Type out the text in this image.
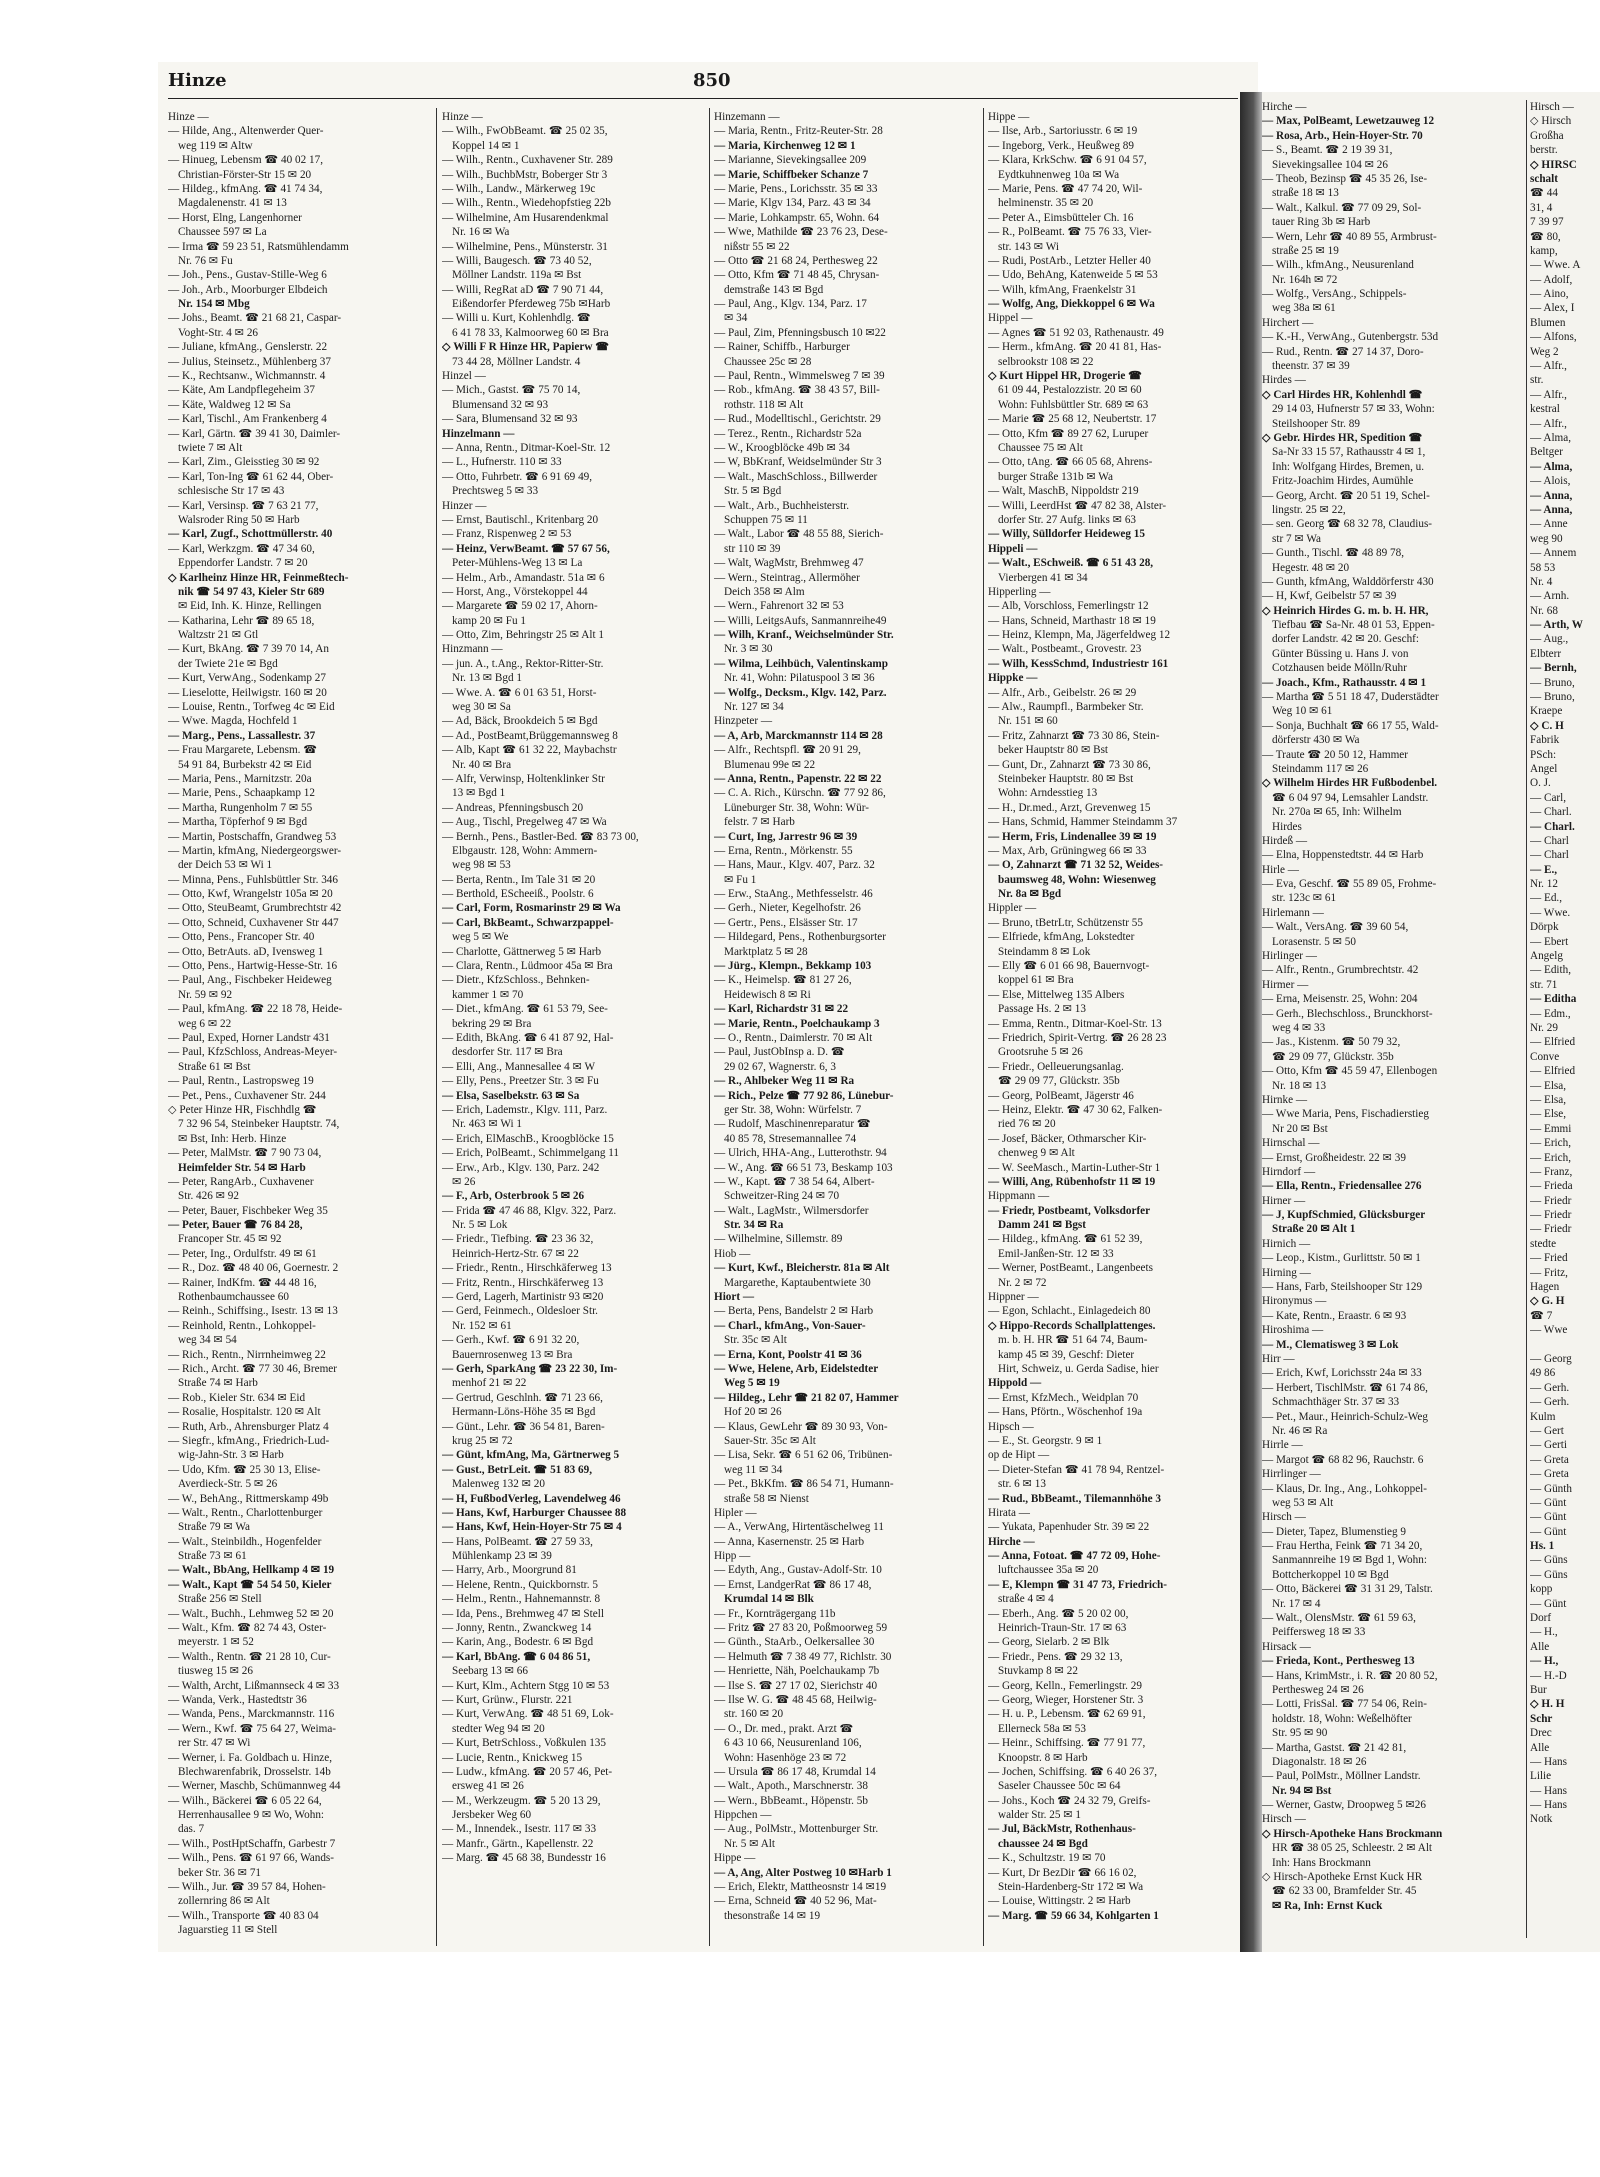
Hinze	850
Hinze —
— Hilde, Ang., Altenwerder Quer-
weg 119 ✉ Altw
— Hinueg, Lebensm ☎ 40 02 17,
Christian-Förster-Str 15 ✉ 20
— Hildeg., kfmAng. ☎ 41 74 34,
Magdalenenstr. 41 ✉ 13
— Horst, Elng, Langenhorner
Chaussee 597 ✉ La
— Irma ☎ 59 23 51, Ratsmühlendamm
Nr. 76 ✉ Fu
— Joh., Pens., Gustav-Stille-Weg 6
— Joh., Arb., Moorburger Elbdeich
Nr. 154 ✉ Mbg
— Johs., Beamt. ☎ 21 68 21, Caspar-
Voght-Str. 4 ✉ 26
— Juliane, kfmAng., Genslerstr. 22
— Julius, Steinsetz., Mühlenberg 37
— K., Rechtsanw., Wichmannstr. 4
— Käte, Am Landpflegeheim 37
— Käte, Waldweg 12 ✉ Sa
— Karl, Tischl., Am Frankenberg 4
— Karl, Gärtn. ☎ 39 41 30, Daimler-
twiete 7 ✉ Alt
— Karl, Zim., Gleisstieg 30 ✉ 92
— Karl, Ton-Ing ☎ 61 62 44, Ober-
schlesische Str 17 ✉ 43
— Karl, Versinsp. ☎ 7 63 21 77,
Walsroder Ring 50 ✉ Harb
— Karl, Zugf., Schottmüllerstr. 40
— Karl, Werkzgm. ☎ 47 34 60,
Eppendorfer Landstr. 7 ✉ 20
◇ Karlheinz Hinze HR, Feinmeßtech-
nik ☎ 54 97 43, Kieler Str 689
✉ Eid, Inh. K. Hinze, Rellingen
— Katharina, Lehr ☎ 89 65 18,
Waltzstr 21 ✉ Gtl
— Kurt, BkAng. ☎ 7 39 70 14, An
der Twiete 21e ✉ Bgd
— Kurt, VerwAng., Sodenkamp 27
— Lieselotte, Heilwigstr. 160 ✉ 20
— Louise, Rentn., Torfweg 4c ✉ Eid
— Wwe. Magda, Hochfeld 1
— Marg., Pens., Lassallestr. 37
— Frau Margarete, Lebensm. ☎
54 91 84, Burbekstr 42 ✉ Eid
— Maria, Pens., Marnitzstr. 20a
— Marie, Pens., Schaapkamp 12
— Martha, Rungenholm 7 ✉ 55
— Martha, Töpferhof 9 ✉ Bgd
— Martin, Postschaffn, Grandweg 53
— Martin, kfmAng, Niedergeorgswer-
der Deich 53 ✉ Wi 1
— Minna, Pens., Fuhlsbüttler Str. 346
— Otto, Kwf, Wrangelstr 105a ✉ 20
— Otto, SteuBeamt, Grumbrechtstr 42
— Otto, Schneid, Cuxhavener Str 447
— Otto, Pens., Francoper Str. 40
— Otto, BetrAuts. aD, Ivensweg 1
— Otto, Pens., Hartwig-Hesse-Str. 16
— Paul, Ang., Fischbeker Heideweg
Nr. 59 ✉ 92
— Paul, kfmAng. ☎ 22 18 78, Heide-
weg 6 ✉ 22
— Paul, Exped, Horner Landstr 431
— Paul, KfzSchloss, Andreas-Meyer-
Straße 61 ✉ Bst
— Paul, Rentn., Lastropsweg 19
— Pet., Pens., Cuxhavener Str. 244
◇ Peter Hinze HR, Fischhdlg ☎
7 32 96 54, Steinbeker Hauptstr. 74,
✉ Bst, Inh: Herb. Hinze
— Peter, MalMstr. ☎ 7 90 73 04,
Heimfelder Str. 54 ✉ Harb
— Peter, RangArb., Cuxhavener
Str. 426 ✉ 92
— Peter, Bauer, Fischbeker Weg 35
— Peter, Bauer ☎ 76 84 28,
Francoper Str. 45 ✉ 92
— Peter, Ing., Ordulfstr. 49 ✉ 61
— R., Doz. ☎ 48 40 06, Goernestr. 2
— Rainer, IndKfm. ☎ 44 48 16,
Rothenbaumchaussee 60
— Reinh., Schiffsing., Isestr. 13 ✉ 13
— Reinhold, Rentn., Lohkoppel-
weg 34 ✉ 54
— Rich., Rentn., Nirrnheimweg 22
— Rich., Archt. ☎ 77 30 46, Bremer
Straße 74 ✉ Harb
— Rob., Kieler Str. 634 ✉ Eid
— Rosalie, Hospitalstr. 120 ✉ Alt
— Ruth, Arb., Ahrensburger Platz 4
— Siegfr., kfmAng., Friedrich-Lud-
wig-Jahn-Str. 3 ✉ Harb
— Udo, Kfm. ☎ 25 30 13, Elise-
Averdieck-Str. 5 ✉ 26
— W., BehAng., Rittmerskamp 49b
— Walt., Rentn., Charlottenburger
Straße 79 ✉ Wa
— Walt., Steinbildh., Hogenfelder
Straße 73 ✉ 61
— Walt., BbAng, Hellkamp 4 ✉ 19
— Walt., Kapt ☎ 54 54 50, Kieler
Straße 256 ✉ Stell
— Walt., Buchh., Lehmweg 52 ✉ 20
— Walt., Kfm. ☎ 82 74 43, Oster-
meyerstr. 1 ✉ 52
— Walth., Rentn. ☎ 21 28 10, Cur-
tiusweg 15 ✉ 26
— Walth, Archt, Lißmannseck 4 ✉ 33
— Wanda, Verk., Hastedtstr 36
— Wanda, Pens., Marckmannstr. 116
— Wern., Kwf. ☎ 75 64 27, Weima-
rer Str. 47 ✉ Wi
— Werner, i. Fa. Goldbach u. Hinze,
Blechwarenfabrik, Drosselstr. 14b
— Werner, Maschb, Schümannweg 44
— Wilh., Bäckerei ☎ 6 05 22 64,
Herrenhausallee 9 ✉ Wo, Wohn:
das. 7
— Wilh., PostHptSchaffn, Garbestr 7
— Wilh., Pens. ☎ 61 97 66, Wands-
beker Str. 36 ✉ 71
— Wilh., Jur. ☎ 39 57 84, Hohen-
zollernring 86 ✉ Alt
— Wilh., Transporte ☎ 40 83 04
Jaguarstieg 11 ✉ Stell
Hinze —
— Wilh., FwObBeamt. ☎ 25 02 35,
Koppel 14 ✉ 1
— Wilh., Rentn., Cuxhavener Str. 289
— Wilh., BuchbMstr, Boberger Str 3
— Wilh., Landw., Märkerweg 19c
— Wilh., Rentn., Wiedehopfstieg 22b
— Wilhelmine, Am Husarendenkmal
Nr. 16 ✉ Wa
— Wilhelmine, Pens., Münsterstr. 31
— Willi, Baugesch. ☎ 73 40 52,
Möllner Landstr. 119a ✉ Bst
— Willi, RegRat aD ☎ 7 90 71 44,
Eißendorfer Pferdeweg 75b ✉Harb
— Willi u. Kurt, Kohlenhdlg. ☎
6 41 78 33, Kalmoorweg 60 ✉ Bra
◇ Willi F R Hinze HR, Papierw ☎
73 44 28, Möllner Landstr. 4
Hinzel —
— Mich., Gastst. ☎ 75 70 14,
Blumensand 32 ✉ 93
— Sara, Blumensand 32 ✉ 93
Hinzelmann —
— Anna, Rentn., Ditmar-Koel-Str. 12
— L., Hufnerstr. 110 ✉ 33
— Otto, Fuhrbetr. ☎ 6 91 69 49,
Prechtsweg 5 ✉ 33
Hinzer —
— Ernst, Bautischl., Kritenbarg 20
— Franz, Rispenweg 2 ✉ 53
— Heinz, VerwBeamt. ☎ 57 67 56,
Peter-Mühlens-Weg 13 ✉ La
— Helm., Arb., Amandastr. 51a ✉ 6
— Horst, Ang., Vörstekoppel 44
— Margarete ☎ 59 02 17, Ahorn-
kamp 20 ✉ Fu 1
— Otto, Zim, Behringstr 25 ✉ Alt 1
Hinzmann —
— jun. A., t.Ang., Rektor-Ritter-Str.
Nr. 13 ✉ Bgd 1
— Wwe. A. ☎ 6 01 63 51, Horst-
weg 30 ✉ Sa
— Ad, Bäck, Brookdeich 5 ✉ Bgd
— Ad., PostBeamt,Brüggemannsweg 8
— Alb, Kapt ☎ 61 32 22, Maybachstr
Nr. 40 ✉ Bra
— Alfr, Verwinsp, Holtenklinker Str
13 ✉ Bgd 1
— Andreas, Pfenningsbusch 20
— Aug., Tischl, Pregelweg 47 ✉ Wa
— Bernh., Pens., Bastler-Bed. ☎ 83 73 00,
Elbgaustr. 128, Wohn: Ammern-
weg 98 ✉ 53
— Berta, Rentn., Im Tale 31 ✉ 20
— Berthold, EScheeiß., Poolstr. 6
— Carl, Form, Rosmarinstr 29 ✉ Wa
— Carl, BkBeamt., Schwarzpappel-
weg 5 ✉ We
— Charlotte, Gättnerweg 5 ✉ Harb
— Clara, Rentn., Lüdmoor 45a ✉ Bra
— Dietr., KfzSchloss., Behnken-
kammer 1 ✉ 70
— Diet., kfmAng. ☎ 61 53 79, See-
bekring 29 ✉ Bra
— Edith, BkAng. ☎ 6 41 87 92, Hal-
desdorfer Str. 117 ✉ Bra
— Elli, Ang., Mannesallee 4 ✉ W
— Elly, Pens., Preetzer Str. 3 ✉ Fu
— Elsa, Saselbekstr. 63 ✉ Sa
— Erich, Lademstr., Klgv. 111, Parz.
Nr. 463 ✉ Wi 1
— Erich, ElMaschB., Kroogblöcke 15
— Erich, PolBeamt., Schimmelgang 11
— Erw., Arb., Klgv. 130, Parz. 242
✉ 26
— F., Arb, Osterbrook 5 ✉ 26
— Frida ☎ 47 46 88, Klgv. 322, Parz.
Nr. 5 ✉ Lok
— Friedr., Tiefbing. ☎ 23 36 32,
Heinrich-Hertz-Str. 67 ✉ 22
— Friedr., Rentn., Hirschkäferweg 13
— Fritz, Rentn., Hirschkäferweg 13
— Gerd, Lagerh, Martinistr 93 ✉20
— Gerd, Feinmech., Oldesloer Str.
Nr. 152 ✉ 61
— Gerh., Kwf. ☎ 6 91 32 20,
Bauernrosenweg 13 ✉ Bra
— Gerh, SparkAng ☎ 23 22 30, Im-
menhof 21 ✉ 22
— Gertrud, Geschlnh. ☎ 71 23 66,
Hermann-Löns-Höhe 35 ✉ Bgd
— Günt., Lehr. ☎ 36 54 81, Baren-
krug 25 ✉ 72
— Günt, kfmAng, Ma, Gärtnerweg 5
— Gust., BetrLeit. ☎ 51 83 69,
Malenweg 132 ✉ 20
— H, FußbodVerleg, Lavendelweg 46
— Hans, Kwf, Harburger Chaussee 88
— Hans, Kwf, Hein-Hoyer-Str 75 ✉ 4
— Hans, PolBeamt. ☎ 27 59 33,
Mühlenkamp 23 ✉ 39
— Harry, Arb., Moorgrund 81
— Helene, Rentn., Quickbornstr. 5
— Helm., Rentn., Hahnemannstr. 8
— Ida, Pens., Brehmweg 47 ✉ Stell
— Jonny, Rentn., Zwanckweg 14
— Karin, Ang., Bodestr. 6 ✉ Bgd
— Karl, BbAng. ☎ 6 04 86 51,
Seebarg 13 ✉ 66
— Kurt, Klm., Achtern Stgg 10 ✉ 53
— Kurt, Grünw., Flurstr. 221
— Kurt, VerwAng. ☎ 48 51 69, Lok-
stedter Weg 94 ✉ 20
— Kurt, BetrSchloss., Voßkulen 135
— Lucie, Rentn., Knickweg 15
— Ludw., kfmAng. ☎ 20 57 46, Pet-
ersweg 41 ✉ 26
— M., Werkzeugm. ☎ 5 20 13 29,
Jersbeker Weg 60
— M., Innendek., Isestr. 117 ✉ 33
— Manfr., Gärtn., Kapellenstr. 22
— Marg. ☎ 45 68 38, Bundesstr 16
Hinzemann —
— Maria, Rentn., Fritz-Reuter-Str. 28
— Maria, Kirchenweg 12 ✉ 1
— Marianne, Sievekingsallee 209
— Marie, Schiffbeker Schanze 7
— Marie, Pens., Lorichsstr. 35 ✉ 33
— Marie, Klgv 134, Parz. 43 ✉ 34
— Marie, Lohkampstr. 65, Wohn. 64
— Wwe, Mathilde ☎ 23 76 23, Dese-
nißstr 55 ✉ 22
— Otto ☎ 21 68 24, Perthesweg 22
— Otto, Kfm ☎ 71 48 45, Chrysan-
demstraße 143 ✉ Bgd
— Paul, Ang., Klgv. 134, Parz. 17
✉ 34
— Paul, Zim, Pfenningsbusch 10 ✉22
— Rainer, Schiffb., Harburger
Chaussee 25c ✉ 28
— Paul, Rentn., Wimmelsweg 7 ✉ 39
— Rob., kfmAng. ☎ 38 43 57, Bill-
rothstr. 118 ✉ Alt
— Rud., Modelltischl., Gerichtstr. 29
— Terez., Rentn., Richardstr 52a
— W., Kroogblöcke 49b ✉ 34
— W, BbKranf, Weidselmünder Str 3
— Walt., MaschSchloss., Billwerder
Str. 5 ✉ Bgd
— Walt., Arb., Buchheisterstr.
Schuppen 75 ✉ 11
— Walt., Labor ☎ 48 55 88, Sierich-
str 110 ✉ 39
— Walt, WagMstr, Brehmweg 47
— Wern., Steintrag., Allermöher
Deich 358 ✉ Alm
— Wern., Fahrenort 32 ✉ 53
— Willi, LeitgsAufs, Sanmannreihe49
— Wilh, Kranf., Weichselmünder Str.
Nr. 3 ✉ 30
— Wilma, Leihbüch, Valentinskamp
Nr. 41, Wohn: Pilatuspool 3 ✉ 36
— Wolfg., Decksm., Klgv. 142, Parz.
Nr. 127 ✉ 34
Hinzpeter —
— A, Arb, Marckmannstr 114 ✉ 28
— Alfr., Rechtspfl. ☎ 20 91 29,
Blumenau 99e ✉ 22
— Anna, Rentn., Papenstr. 22 ✉ 22
— C. A. Rich., Kürschn. ☎ 77 92 86,
Lüneburger Str. 38, Wohn: Wür-
felstr. 7 ✉ Harb
— Curt, Ing, Jarrestr 96 ✉ 39
— Erna, Rentn., Mörkenstr. 55
— Hans, Maur., Klgv. 407, Parz. 32
✉ Fu 1
— Erw., StaAng., Methfesselstr. 46
— Gerh., Nieter, Kegelhofstr. 26
— Gertr., Pens., Elsässer Str. 17
— Hildegard, Pens., Rothenburgsorter
Marktplatz 5 ✉ 28
— Jürg., Klempn., Bekkamp 103
— K., Heimelsp. ☎ 81 27 26,
Heidewisch 8 ✉ Ri
— Karl, Richardstr 31 ✉ 22
— Marie, Rentn., Poelchaukamp 3
— O., Rentn., Daimlerstr. 70 ✉ Alt
— Paul, JustObInsp a. D. ☎
29 02 67, Wagnerstr. 6, 3
— R., Ahlbeker Weg 11 ✉ Ra
— Rich., Pelze ☎ 77 92 86, Lünebur-
ger Str. 38, Wohn: Würfelstr. 7
— Rudolf, Maschinenreparatur ☎
40 85 78, Stresemannallee 74
— Ulrich, HHA-Ang., Lutterothstr. 94
— W., Ang. ☎ 66 51 73, Beskamp 103
— W., Kapt. ☎ 7 38 54 64, Albert-
Schweitzer-Ring 24 ✉ 70
— Walt., LagMstr., Wilmersdorfer
Str. 34 ✉ Ra
— Wilhelmine, Sillemstr. 89
Hiob —
— Kurt, Kwf., Bleicherstr. 81a ✉ Alt
Margarethe, Kaptaubentwiete 30
Hiort —
— Berta, Pens, Bandelstr 2 ✉ Harb
— Charl., kfmAng., Von-Sauer-
Str. 35c ✉ Alt
— Erna, Kont, Poolstr 41 ✉ 36
— Wwe, Helene, Arb, Eidelstedter
Weg 5 ✉ 19
— Hildeg., Lehr ☎ 21 82 07, Hammer
Hof 20 ✉ 26
— Klaus, GewLehr ☎ 89 30 93, Von-
Sauer-Str. 35c ✉ Alt
— Lisa, Sekr. ☎ 6 51 62 06, Tribünen-
weg 11 ✉ 34
— Pet., BkKfm. ☎ 86 54 71, Humann-
straße 58 ✉ Nienst
Hipler —
— A., VerwAng, Hirtentäschelweg 11
— Anna, Kasernenstr. 25 ✉ Harb
Hipp —
— Edyth, Ang., Gustav-Adolf-Str. 10
— Ernst, LandgerRat ☎ 86 17 48,
Krumdal 14 ✉ Blk
— Fr., Kornträgergang 11b
— Fritz ☎ 27 83 20, Poßmoorweg 59
— Günth., StaArb., Oelkersallee 30
— Helmuth ☎ 7 38 49 77, Richlstr. 30
— Henriette, Näh, Poelchaukamp 7b
— Ilse S. ☎ 27 17 02, Sierichstr 40
— Ilse W. G. ☎ 48 45 68, Heilwig-
str. 160 ✉ 20
— O., Dr. med., prakt. Arzt ☎
6 43 10 66, Neusurenland 106,
Wohn: Hasenhöge 23 ✉ 72
— Ursula ☎ 86 17 48, Krumdal 14
— Walt., Apoth., Marschnerstr. 38
— Wern., BbBeamt., Höpenstr. 5b
Hippchen —
— Aug., PolMstr., Mottenburger Str.
Nr. 5 ✉ Alt
Hippe —
— A, Ang, Alter Postweg 10 ✉Harb 1
— Erich, Elektr, Mattheosnstr 14 ✉19
— Erna, Schneid ☎ 40 52 96, Mat-
thesonstraße 14 ✉ 19
Hippe —
— Ilse, Arb., Sartoriusstr. 6 ✉ 19
— Ingeborg, Verk., Heußweg 89
— Klara, KrkSchw. ☎ 6 91 04 57,
Eydtkuhnenweg 10a ✉ Wa
— Marie, Pens. ☎ 47 74 20, Wil-
helminenstr. 35 ✉ 20
— Peter A., Eimsbütteler Ch. 16
— R., PolBeamt. ☎ 75 76 33, Vier-
str. 143 ✉ Wi
— Rudi, PostArb., Letzter Heller 40
— Udo, BehAng, Katenweide 5 ✉ 53
— Wilh, kfmAng, Fraenkelstr 31
— Wolfg, Ang, Diekkoppel 6 ✉ Wa
Hippel —
— Agnes ☎ 51 92 03, Rathenaustr. 49
— Herm., kfmAng. ☎ 20 41 81, Has-
selbrookstr 108 ✉ 22
◇ Kurt Hippel HR, Drogerie ☎
61 09 44, Pestalozzistr. 20 ✉ 60
Wohn: Fuhlsbüttler Str. 689 ✉ 63
— Marie ☎ 25 68 12, Neubertstr. 17
— Otto, Kfm ☎ 89 27 62, Luruper
Chaussee 75 ✉ Alt
— Otto, tAng. ☎ 66 05 68, Ahrens-
burger Straße 131b ✉ Wa
— Walt, MaschB, Nippoldstr 219
— Willi, LeerdHst ☎ 47 82 38, Alster-
dorfer Str. 27 Aufg. links ✉ 63
— Willy, Sülldorfer Heideweg 15
Hippeli —
— Walt., ESchweiß. ☎ 6 51 43 28,
Vierbergen 41 ✉ 34
Hipperling —
— Alb, Vorschloss, Femerlingstr 12
— Hans, Schneid, Marthastr 18 ✉ 19
— Heinz, Klempn, Ma, Jägerfeldweg 12
— Walt., Postbeamt., Grovestr. 23
— Wilh, KessSchmd, Industriestr 161
Hippke —
— Alfr., Arb., Geibelstr. 26 ✉ 29
— Alw., Raumpfl., Barmbeker Str.
Nr. 151 ✉ 60
— Fritz, Zahnarzt ☎ 73 30 86, Stein-
beker Hauptstr 80 ✉ Bst
— Gunt, Dr., Zahnarzt ☎ 73 30 86,
Steinbeker Hauptstr. 80 ✉ Bst
Wohn: Arndesstieg 13
— H., Dr.med., Arzt, Grevenweg 15
— Hans, Schmid, Hammer Steindamm 37
— Herm, Fris, Lindenallee 39 ✉ 19
— Max, Arb, Grüningweg 66 ✉ 33
— O, Zahnarzt ☎ 71 32 52, Weides-
baumsweg 48, Wohn: Wiesenweg
Nr. 8a ✉ Bgd
Hippler —
— Bruno, tBetrLtr, Schützenstr 55
— Elfriede, kfmAng, Lokstedter
Steindamm 8 ✉ Lok
— Elly ☎ 6 01 66 98, Bauernvogt-
koppel 61 ✉ Bra
— Else, Mittelweg 135 Albers
Passage Hs. 2 ✉ 13
— Emma, Rentn., Ditmar-Koel-Str. 13
— Friedrich, Spirit-Vertrg. ☎ 26 28 23
Grootsruhe 5 ✉ 26
— Friedr., Oelleuerungsanlag.
☎ 29 09 77, Glückstr. 35b
— Georg, PolBeamt, Jägerstr 46
— Heinz, Elektr. ☎ 47 30 62, Falken-
ried 76 ✉ 20
— Josef, Bäcker, Othmarscher Kir-
chenweg 9 ✉ Alt
— W. SeeMasch., Martin-Luther-Str 1
— Willi, Ang, Rübenhofstr 11 ✉ 19
Hippmann —
— Friedr, Postbeamt, Volksdorfer
Damm 241 ✉ Bgst
— Hildeg., kfmAng. ☎ 61 52 39,
Emil-Janßen-Str. 12 ✉ 33
— Werner, PostBeamt., Langenbeets
Nr. 2 ✉ 72
Hippner —
— Egon, Schlacht., Einlagedeich 80
◇ Hippo-Records Schallplattenges.
m. b. H. HR ☎ 51 64 74, Baum-
kamp 45 ✉ 39, Geschf: Dieter
Hirt, Schweiz, u. Gerda Sadise, hier
Hippold —
— Ernst, KfzMech., Weidplan 70
— Hans, Pförtn., Wöschenhof 19a
Hipsch —
— E., St. Georgstr. 9 ✉ 1
op de Hipt —
— Dieter-Stefan ☎ 41 78 94, Rentzel-
str. 6 ✉ 13
— Rud., BbBeamt., Tilemannhöhe 3
Hirata —
— Yukata, Papenhuder Str. 39 ✉ 22
Hirche —
— Anna, Fotoat. ☎ 47 72 09, Hohe-
luftchaussee 35a ✉ 20
— E, Klempn ☎ 31 47 73, Friedrich-
straße 4 ✉ 4
— Eberh., Ang. ☎ 5 20 02 00,
Heinrich-Traun-Str. 17 ✉ 63
— Georg, Sielarb. 2 ✉ Blk
— Friedr., Pens. ☎ 29 32 13,
Stuvkamp 8 ✉ 22
— Georg, Kelln., Femerlingstr. 29
— Georg, Wieger, Horstener Str. 3
— H. u. P., Lebensm. ☎ 62 69 91,
Ellerneck 58a ✉ 53
— Heinr., Schiffsing. ☎ 77 91 77,
Knoopstr. 8 ✉ Harb
— Jochen, Schiffsing. ☎ 6 40 26 37,
Saseler Chaussee 50c ✉ 64
— Johs., Koch ☎ 24 32 79, Greifs-
walder Str. 25 ✉ 1
— Jul, BäckMstr, Rothenhaus-
chaussee 24 ✉ Bgd
— K., Schultzstr. 19 ✉ 70
— Kurt, Dr BezDir ☎ 66 16 02,
Stein-Hardenberg-Str 172 ✉ Wa
— Louise, Wittingstr. 2 ✉ Harb
— Marg. ☎ 59 66 34, Kohlgarten 1
Hirche —
— Max, PolBeamt, Lewetzauweg 12
— Rosa, Arb., Hein-Hoyer-Str. 70
— S., Beamt. ☎ 2 19 39 31,
Sievekingsallee 104 ✉ 26
— Theob, Bezinsp ☎ 45 35 26, Ise-
straße 18 ✉ 13
— Walt., Kalkul. ☎ 77 09 29, Sol-
tauer Ring 3b ✉ Harb
— Wern, Lehr ☎ 40 89 55, Armbrust-
straße 25 ✉ 19
— Wilh., kfmAng., Neusurenland
Nr. 164h ✉ 72
— Wolfg., VersAng., Schippels-
weg 38a ✉ 61
Hirchert —
— K.-H., VerwAng., Gutenbergstr. 53d
— Rud., Rentn. ☎ 27 14 37, Doro-
theenstr. 37 ✉ 39
Hirdes —
◇ Carl Hirdes HR, Kohlenhdl ☎
29 14 03, Hufnerstr 57 ✉ 33, Wohn:
Steilshooper Str. 89
◇ Gebr. Hirdes HR, Spedition ☎
Sa-Nr 33 15 57, Rathausstr 4 ✉ 1,
Inh: Wolfgang Hirdes, Bremen, u.
Fritz-Joachim Hirdes, Aumühle
— Georg, Archt. ☎ 20 51 19, Schel-
lingstr. 25 ✉ 22,
— sen. Georg ☎ 68 32 78, Claudius-
str 7 ✉ Wa
— Gunth., Tischl. ☎ 48 89 78,
Hegestr. 48 ✉ 20
— Gunth, kfmAng, Walddörferstr 430
— H, Kwf, Geibelstr 57 ✉ 39
◇ Heinrich Hirdes G. m. b. H. HR,
Tiefbau ☎ Sa-Nr. 48 01 53, Eppen-
dorfer Landstr. 42 ✉ 20. Geschf:
Günter Büssing u. Hans J. von
Cotzhausen beide Mölln/Ruhr
— Joach., Kfm., Rathausstr. 4 ✉ 1
— Martha ☎ 5 51 18 47, Duderstädter
Weg 10 ✉ 61
— Sonja, Buchhalt ☎ 66 17 55, Wald-
dörferstr 430 ✉ Wa
— Traute ☎ 20 50 12, Hammer
Steindamm 117 ✉ 26
◇ Wilhelm Hirdes HR Fußbodenbel.
☎ 6 04 97 94, Lemsahler Landstr.
Nr. 270a ✉ 65, Inh: Wilhelm
Hirdes
Hirdeß —
— Elna, Hoppenstedtstr. 44 ✉ Harb
Hirle —
— Eva, Geschf. ☎ 55 89 05, Frohme-
str. 123c ✉ 61
Hirlemann —
— Walt., VersAng. ☎ 39 60 54,
Lorasenstr. 5 ✉ 50
Hirlinger —
— Alfr., Rentn., Grumbrechtstr. 42
Hirmer —
— Erna, Meisenstr. 25, Wohn: 204
— Gerh., Blechschloss., Brunckhorst-
weg 4 ✉ 33
— Jas., Kistenm. ☎ 50 79 32,
☎ 29 09 77, Glückstr. 35b
— Otto, Kfm ☎ 45 59 47, Ellenbogen
Nr. 18 ✉ 13
Hirnke —
— Wwe Maria, Pens, Fischadierstieg
Nr 20 ✉ Bst
Hirnschal —
— Ernst, Großheidestr. 22 ✉ 39
Hirndorf —
— Ella, Rentn., Friedensallee 276
Hirner —
— J, KupfSchmied, Glücksburger
Straße 20 ✉ Alt 1
Hirnich —
— Leop., Kistm., Gurlittstr. 50 ✉ 1
Hirning —
— Hans, Farb, Steilshooper Str 129
Hironymus —
— Kate, Rentn., Eraastr. 6 ✉ 93
Hiroshima —
— M., Clematisweg 3 ✉ Lok
Hirr —
— Erich, Kwf, Lorichsstr 24a ✉ 33
— Herbert, TischlMstr. ☎ 61 74 86,
Schmachthäger Str. 37 ✉ 33
— Pet., Maur., Heinrich-Schulz-Weg
Nr. 46 ✉ Ra
Hirrle —
— Margot ☎ 68 82 96, Rauchstr. 6
Hirrlinger —
— Klaus, Dr. Ing., Ang., Lohkoppel-
weg 53 ✉ Alt
Hirsch —
— Dieter, Tapez, Blumenstieg 9
— Frau Hertha, Feink ☎ 71 34 20,
Sanmannreihe 19 ✉ Bgd 1, Wohn:
Bottcherkoppel 10 ✉ Bgd
— Otto, Bäckerei ☎ 31 31 29, Talstr.
Nr. 17 ✉ 4
— Walt., OlensMstr. ☎ 61 59 63,
Peiffersweg 18 ✉ 33
Hirsack —
— Frieda, Kont., Perthesweg 13
— Hans, KrimMstr., i. R. ☎ 20 80 52,
Perthesweg 24 ✉ 26
— Lotti, FrisSal. ☎ 77 54 06, Rein-
holdstr. 18, Wohn: Weßelhöfter
Str. 95 ✉ 90
— Martha, Gastst. ☎ 21 42 81,
Diagonalstr. 18 ✉ 26
— Paul, PolMstr., Möllner Landstr.
Nr. 94 ✉ Bst
— Werner, Gastw, Droopweg 5 ✉26
Hirsch —
◇ Hirsch-Apotheke Hans Brockmann
HR ☎ 38 05 25, Schleestr. 2 ✉ Alt
Inh: Hans Brockmann
◇ Hirsch-Apotheke Ernst Kuck HR
☎ 62 33 00, Bramfelder Str. 45
✉ Ra, Inh: Ernst Kuck
Hirsch —
◇ Hirsch
Großha
berstr.
◇ HIRSC
schalt
☎ 44
31, 4
7 39 97
☎ 80,
kamp,
— Wwe. A
— Adolf,
— Aino,
— Alex, I
Blumen
— Alfons,
Weg 2
— Alfr.,
str.
— Alfr.,
kestral
— Alfr.,
— Alma,
Beltger
— Alma,
— Alois,
— Anna,
— Anna,
— Anne
weg 90
— Annem
58 53
Nr. 4
— Arnh.
Nr. 68
— Arth, W
— Aug.,
Elbterr
— Bernh,
— Bruno,
— Bruno,
Kraepe
◇ C. H
Fabrik
PSch:
Angel
O. J.
— Carl,
— Charl.
— Charl.
— Charl
— Charl
— E.,
Nr. 12
— Ed.,
— Wwe.
Dörpk
— Ebert
Angelg
— Edith,
str. 71
— Editha
— Edm.,
Nr. 29
— Elfried
Conve
— Elfried
— Elsa,
— Elsa,
— Else,
— Emmi
— Erich,
— Erich,
— Franz,
— Frieda
— Friedr
— Friedr
— Friedr
stedte
— Fried
— Fritz,
Hagen
◇ G. H
☎ 7
— Wwe
— Georg
49 86
— Gerh.
— Gerh.
Kulm
— Gert
— Gerti
— Greta
— Greta
— Günth
— Günt
— Günt
— Günt
Hs. 1
— Güns
— Güns
kopp
— Günt
Dorf
— H.,
Alle
— H.,
— H.-D
Bur
◇ H. H
Schr
Drec
Alle
— Hans
Lilie
— Hans
— Hans
Notk
